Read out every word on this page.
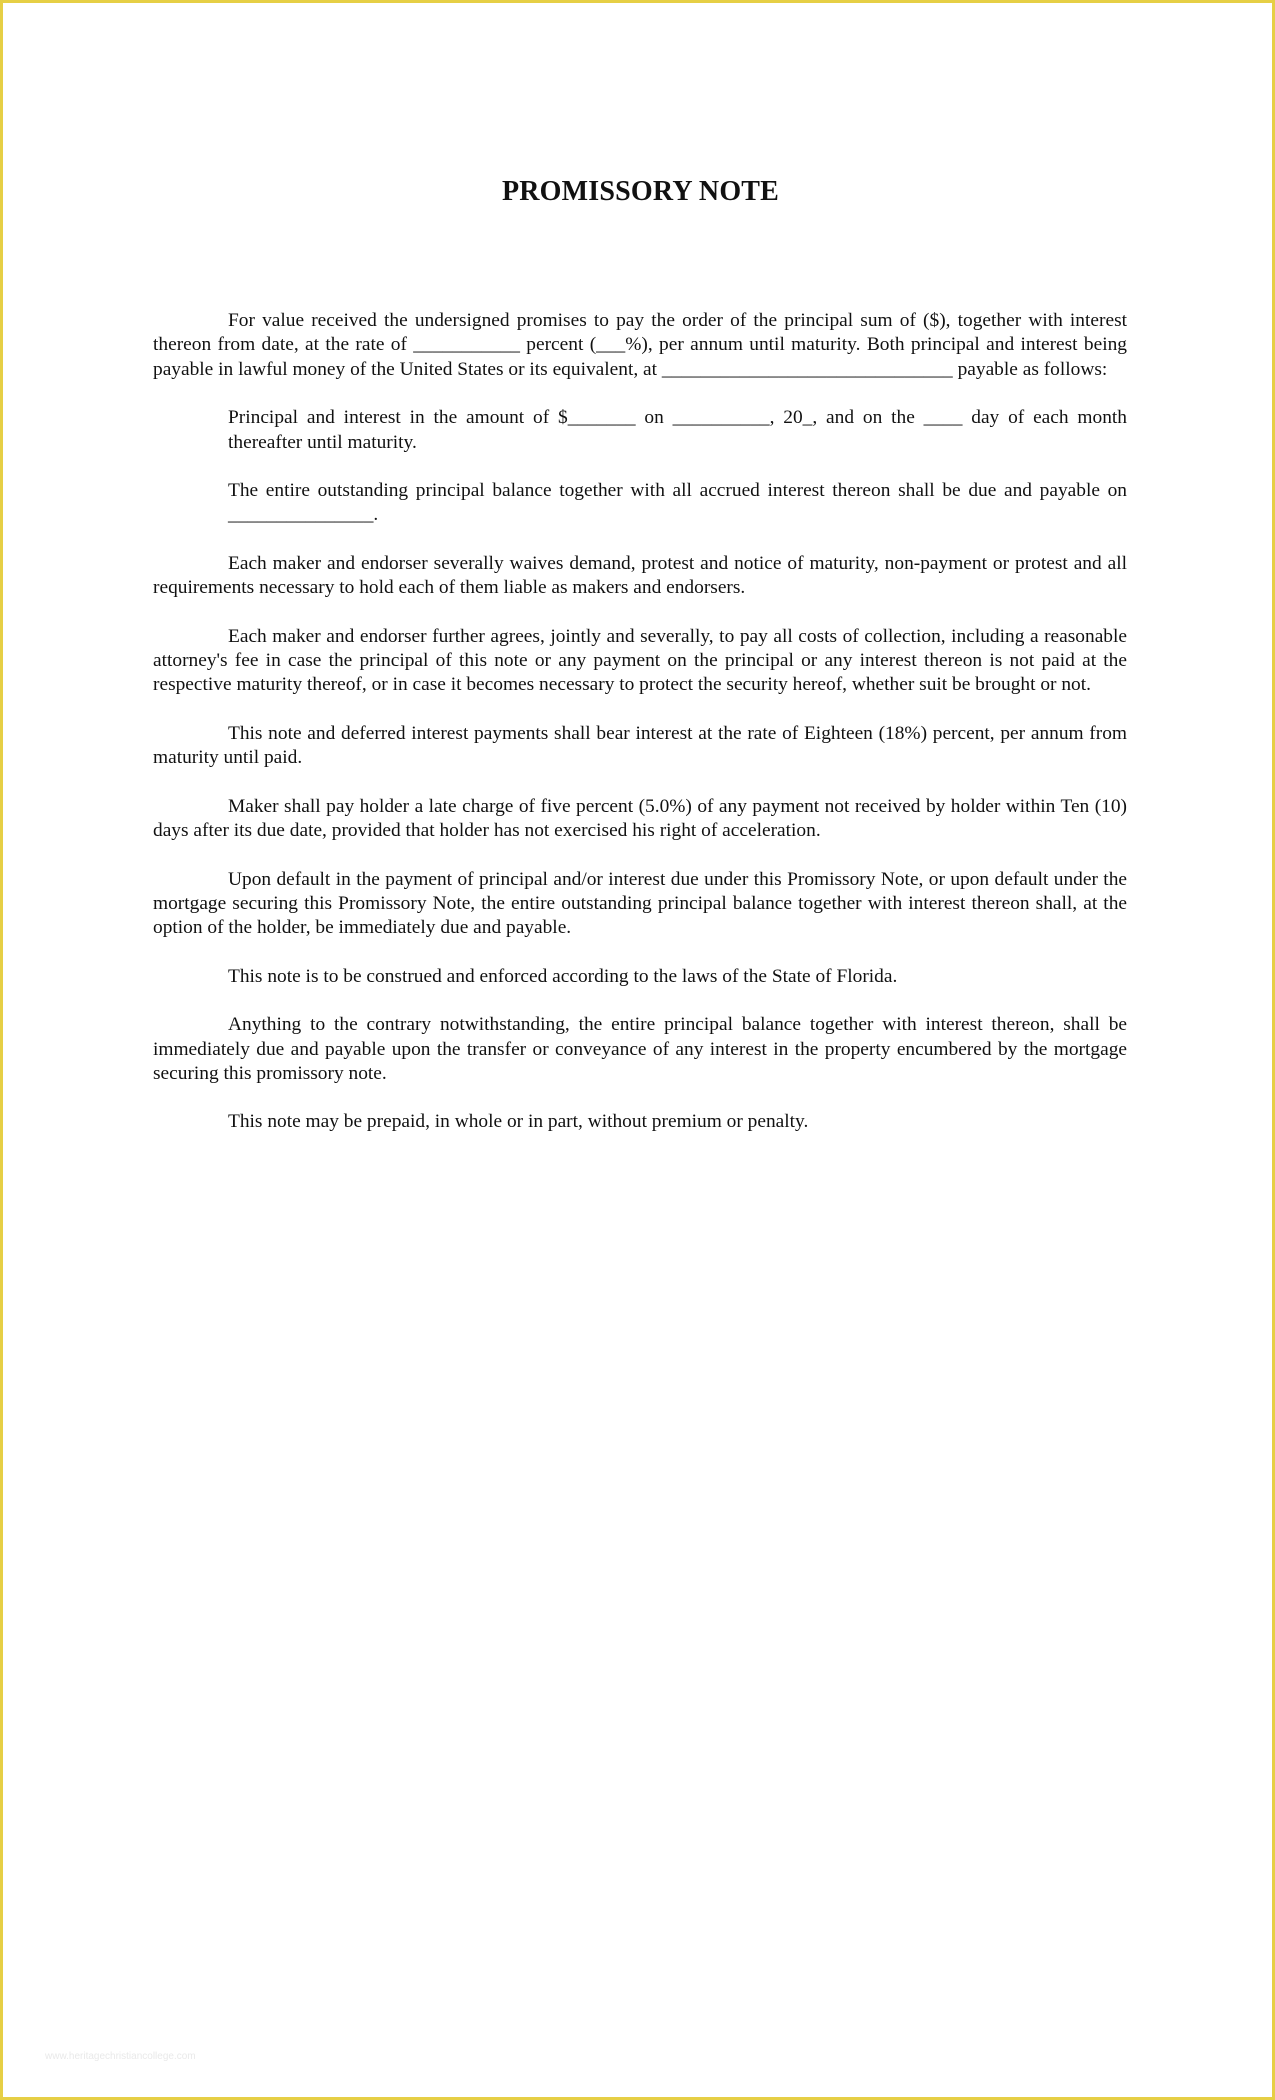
PROMISSORY NOTE

For value received the undersigned promises to pay the order of the principal sum of ($), together with interest thereon from date, at the rate of ___________ percent (___%), per annum until maturity. Both principal and interest being payable in lawful money of the United States or its equivalent, at ______________________________ payable as follows:

Principal and interest in the amount of $_______ on __________, 20_, and on the ____ day of each month thereafter until maturity.

The entire outstanding principal balance together with all accrued interest thereon shall be due and payable on _______________.

Each maker and endorser severally waives demand, protest and notice of maturity, non-payment or protest and all requirements necessary to hold each of them liable as makers and endorsers.

Each maker and endorser further agrees, jointly and severally, to pay all costs of collection, including a reasonable attorney's fee in case the principal of this note or any payment on the principal or any interest thereon is not paid at the respective maturity thereof, or in case it becomes necessary to protect the security hereof, whether suit be brought or not.

This note and deferred interest payments shall bear interest at the rate of Eighteen (18%) percent, per annum from maturity until paid.

Maker shall pay holder a late charge of five percent (5.0%) of any payment not received by holder within Ten (10) days after its due date, provided that holder has not exercised his right of acceleration.

Upon default in the payment of principal and/or interest due under this Promissory Note, or upon default under the mortgage securing this Promissory Note, the entire outstanding principal balance together with interest thereon shall, at the option of the holder, be immediately due and payable.

This note is to be construed and enforced according to the laws of the State of Florida.

Anything to the contrary notwithstanding, the entire principal balance together with interest thereon, shall be immediately due and payable upon the transfer or conveyance of any interest in the property encumbered by the mortgage securing this promissory note.

This note may be prepaid, in whole or in part, without premium or penalty.

www.heritagechristiancollege.com
